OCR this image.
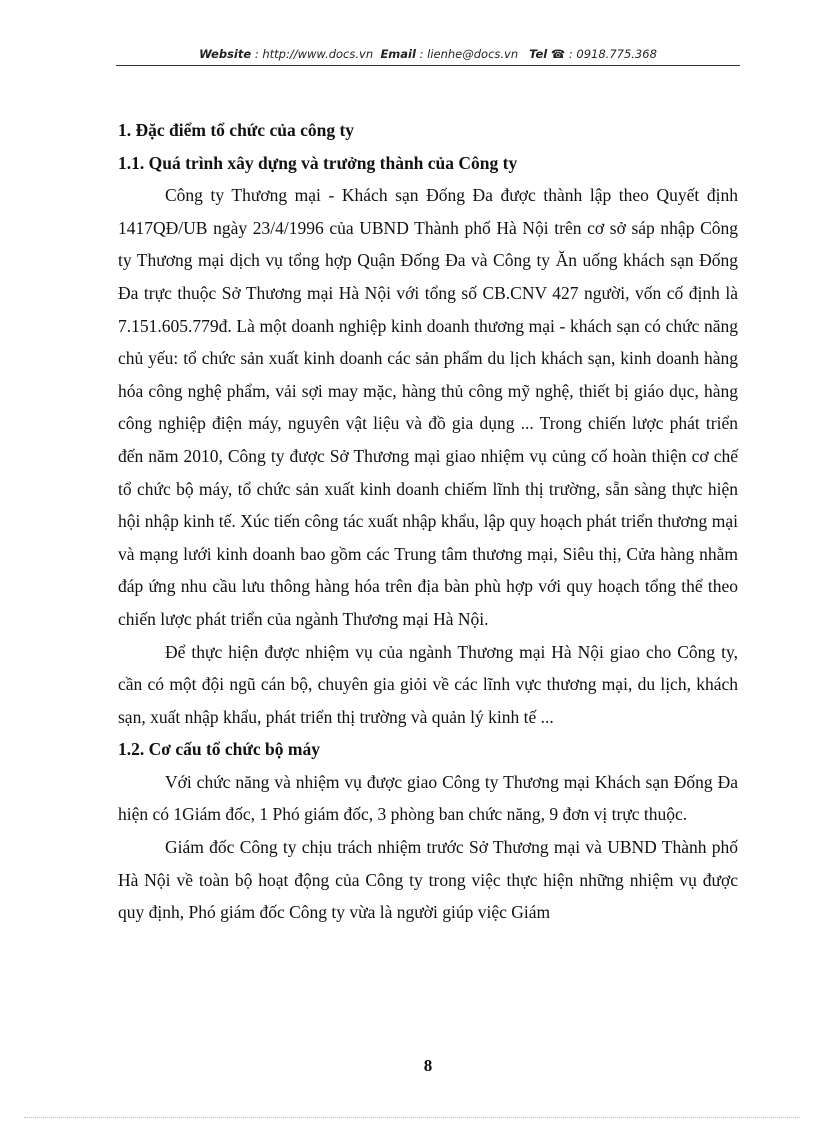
Website : http://www.docs.vn Email : lienhe@docs.vn Tel ☎ : 0918.775.368
1. Đặc điểm tổ chức của công ty
1.1. Quá trình xây dựng và trưởng thành của Công ty

Công ty Thương mại - Khách sạn Đống Đa được thành lập theo Quyết định 1417QĐ/UB ngày 23/4/1996 của UBND Thành phố Hà Nội trên cơ sở sáp nhập Công ty Thương mại dịch vụ tổng hợp Quận Đống Đa và Công ty Ăn uống khách sạn Đống Đa trực thuộc Sở Thương mại Hà Nội với tổng số CB.CNV 427 người, vốn cố định là 7.151.605.779đ. Là một doanh nghiệp kinh doanh thương mại - khách sạn có chức năng chủ yếu: tổ chức sản xuất kinh doanh các sản phẩm du lịch khách sạn, kinh doanh hàng hóa công nghệ phẩm, vải sợi may mặc, hàng thủ công mỹ nghệ, thiết bị giáo dục, hàng công nghiệp điện máy, nguyên vật liệu và đồ gia dụng ... Trong chiến lược phát triển đến năm 2010, Công ty được Sở Thương mại giao nhiệm vụ củng cố hoàn thiện cơ chế tổ chức bộ máy, tổ chức sản xuất kinh doanh chiếm lĩnh thị trường, sẵn sàng thực hiện hội nhập kinh tế. Xúc tiến công tác xuất nhập khẩu, lập quy hoạch phát triển thương mại và mạng lưới kinh doanh bao gồm các Trung tâm thương mại, Siêu thị, Cửa hàng nhằm đáp ứng nhu cầu lưu thông hàng hóa trên địa bàn phù hợp với quy hoạch tổng thể theo chiến lược phát triển của ngành Thương mại Hà Nội.

Để thực hiện được nhiệm vụ của ngành Thương mại Hà Nội giao cho Công ty, cần có một đội ngũ cán bộ, chuyên gia giỏi về các lĩnh vực thương mại, du lịch, khách sạn, xuất nhập khẩu, phát triển thị trường và quản lý kinh tế ...

1.2. Cơ cấu tổ chức bộ máy

Với chức năng và nhiệm vụ được giao Công ty Thương mại Khách sạn Đống Đa hiện có 1Giám đốc, 1 Phó giám đốc, 3 phòng ban chức năng, 9 đơn vị trực thuộc.

Giám đốc Công ty chịu trách nhiệm trước Sở Thương mại và UBND Thành phố Hà Nội về toàn bộ hoạt động của Công ty trong việc thực hiện những nhiệm vụ được quy định, Phó giám đốc Công ty vừa là người giúp việc Giám

8
